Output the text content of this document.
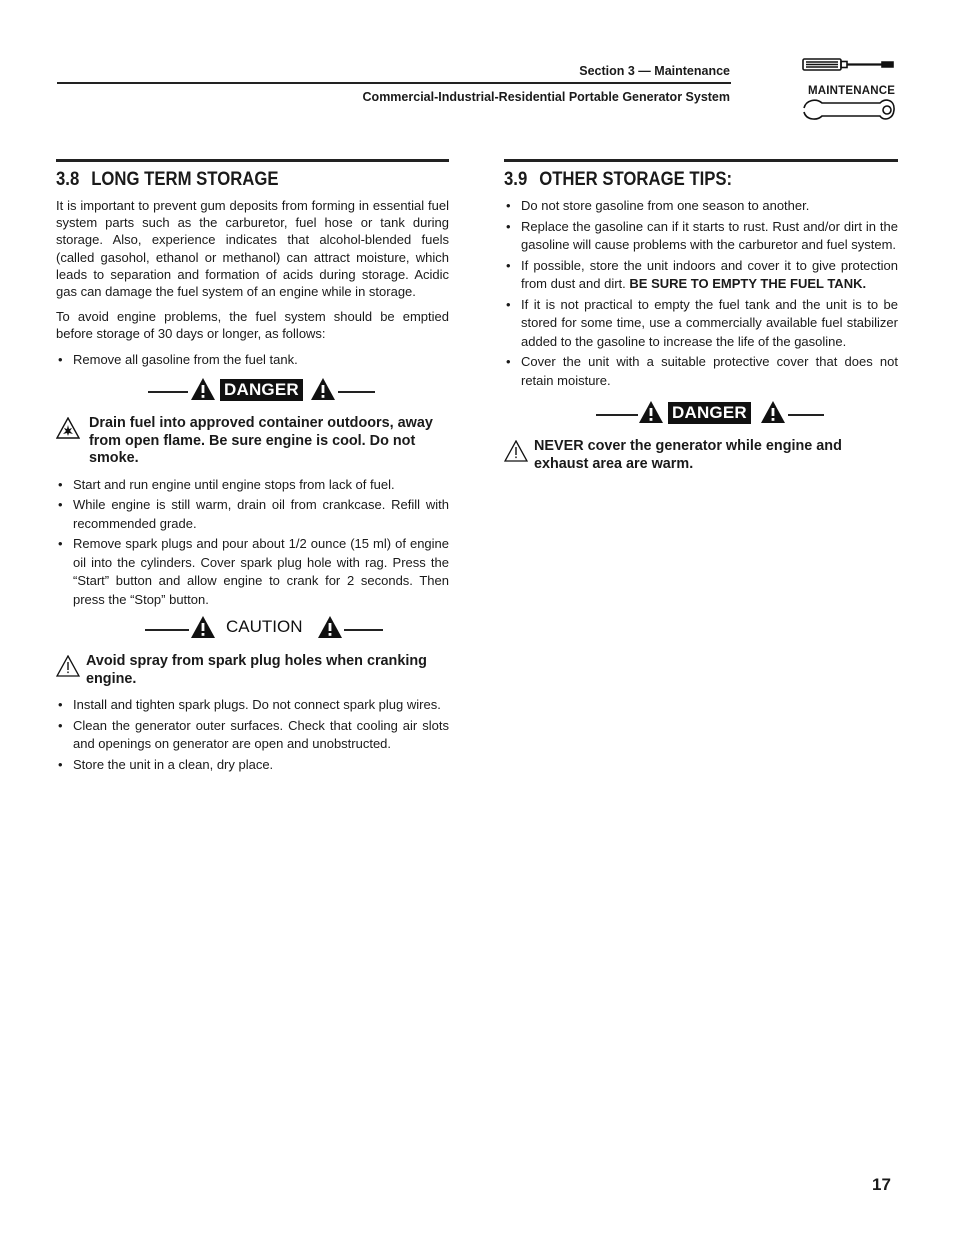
Section 3 — Maintenance
Commercial-Industrial-Residential Portable Generator System	MAINTENANCE
3.8 LONG TERM STORAGE

It is important to prevent gum deposits from forming in essential fuel system parts such as the carburetor, fuel hose or tank during storage. Also, experience indicates that alcohol-blended fuels (called gasohol, ethanol or methanol) can attract moisture, which leads to separation and formation of acids during storage. Acidic gas can damage the fuel system of an engine while in storage.

To avoid engine problems, the fuel system should be emptied before storage of 30 days or longer, as follows:

• Remove all gasoline from the fuel tank.
DANGER
Drain fuel into approved container outdoors, away from open flame. Be sure engine is cool. Do not smoke.
• Start and run engine until engine stops from lack of fuel.
• While engine is still warm, drain oil from crankcase. Refill with recommended grade.
• Remove spark plugs and pour about 1/2 ounce (15 ml) of engine oil into the cylinders. Cover spark plug hole with rag. Press the “Start” button and allow engine to crank for 2 seconds. Then press the “Stop” button.
CAUTION
Avoid spray from spark plug holes when cranking engine.
• Install and tighten spark plugs. Do not connect spark plug wires.
• Clean the generator outer surfaces. Check that cooling air slots and openings on generator are open and unobstructed.
• Store the unit in a clean, dry place.
3.9 OTHER STORAGE TIPS:
• Do not store gasoline from one season to another.
• Replace the gasoline can if it starts to rust. Rust and/or dirt in the gasoline will cause problems with the carburetor and fuel system.
• If possible, store the unit indoors and cover it to give protection from dust and dirt. BE SURE TO EMPTY THE FUEL TANK.
• If it is not practical to empty the fuel tank and the unit is to be stored for some time, use a commercially available fuel stabilizer added to the gasoline to increase the life of the gasoline.
• Cover the unit with a suitable protective cover that does not retain moisture.
DANGER
NEVER cover the generator while engine and exhaust area are warm.
17
